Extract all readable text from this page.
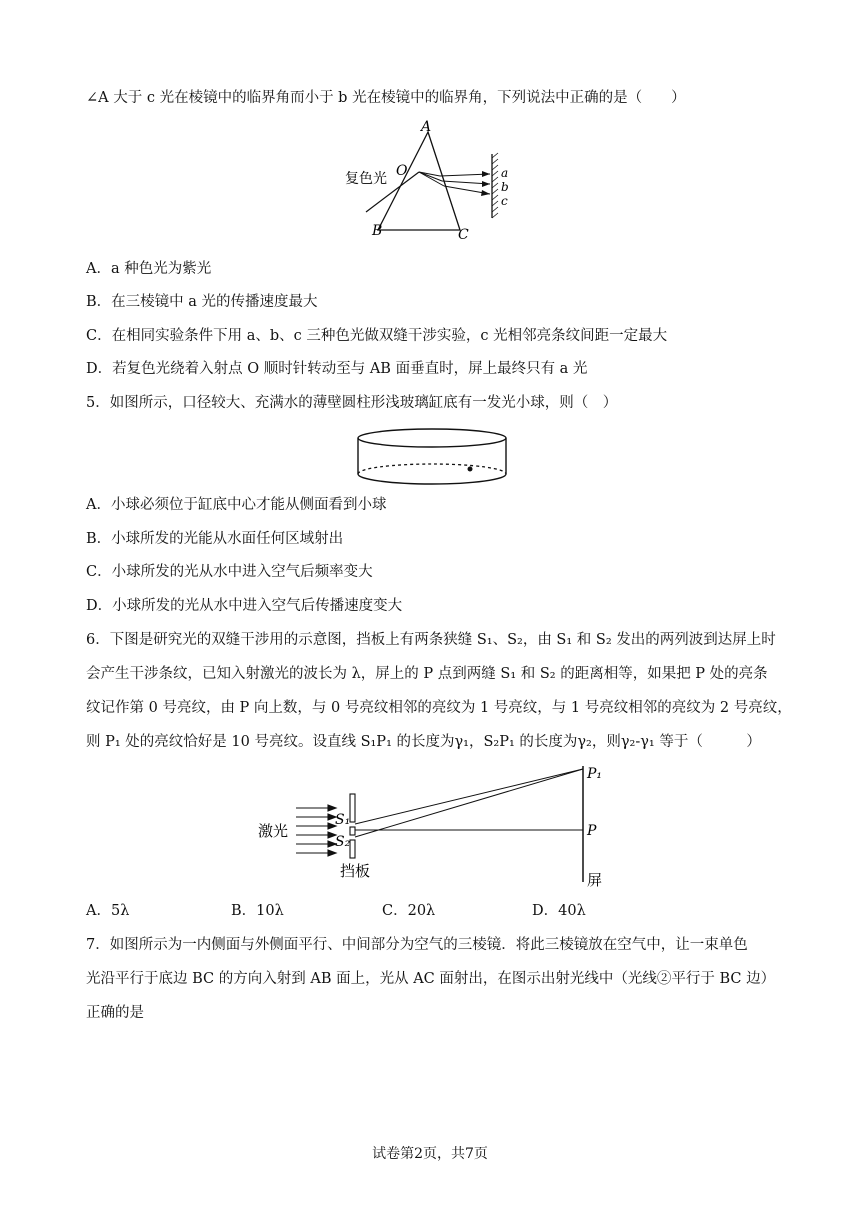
∠A 大于 c 光在棱镜中的临界角而小于 b 光在棱镜中的临界角，下列说法中正确的是（　　）
A
O
复色光
B	C
a
b
c
A．a 种色光为紫光
B．在三棱镜中 a 光的传播速度最大
C．在相同实验条件下用 a、b、c 三种色光做双缝干涉实验，c 光相邻亮条纹间距一定最大
D．若复色光绕着入射点 O 顺时针转动至与 AB 面垂直时，屏上最终只有 a 光
5．如图所示，口径较大、充满水的薄壁圆柱形浅玻璃缸底有一发光小球，则（　）
A．小球必须位于缸底中心才能从侧面看到小球
B．小球所发的光能从水面任何区域射出
C．小球所发的光从水中进入空气后频率变大
D．小球所发的光从水中进入空气后传播速度变大
6．下图是研究光的双缝干涉用的示意图，挡板上有两条狭缝 S₁、S₂，由 S₁ 和 S₂ 发出的两列波到达屏上时
会产生干涉条纹，已知入射激光的波长为 λ，屏上的 P 点到两缝 S₁ 和 S₂ 的距离相等，如果把 P 处的亮条
纹记作第 0 号亮纹，由 P 向上数，与 0 号亮纹相邻的亮纹为 1 号亮纹，与 1 号亮纹相邻的亮纹为 2 号亮纹，
则 P₁ 处的亮纹恰好是 10 号亮纹。设直线 S₁P₁ 的长度为γ₁，S₂P₁ 的长度为γ₂，则γ₂-γ₁ 等于（　　　）
激光
S₁
S₂
挡板
P₁
P
屏
A．5λ	B．10λ	C．20λ	D．40λ
7．如图所示为一内侧面与外侧面平行、中间部分为空气的三棱镜．将此三棱镜放在空气中，让一束单色
光沿平行于底边 BC 的方向入射到 AB 面上，光从 AC 面射出，在图示出射光线中（光线②平行于 BC 边）
正确的是
试卷第2页，共7页
